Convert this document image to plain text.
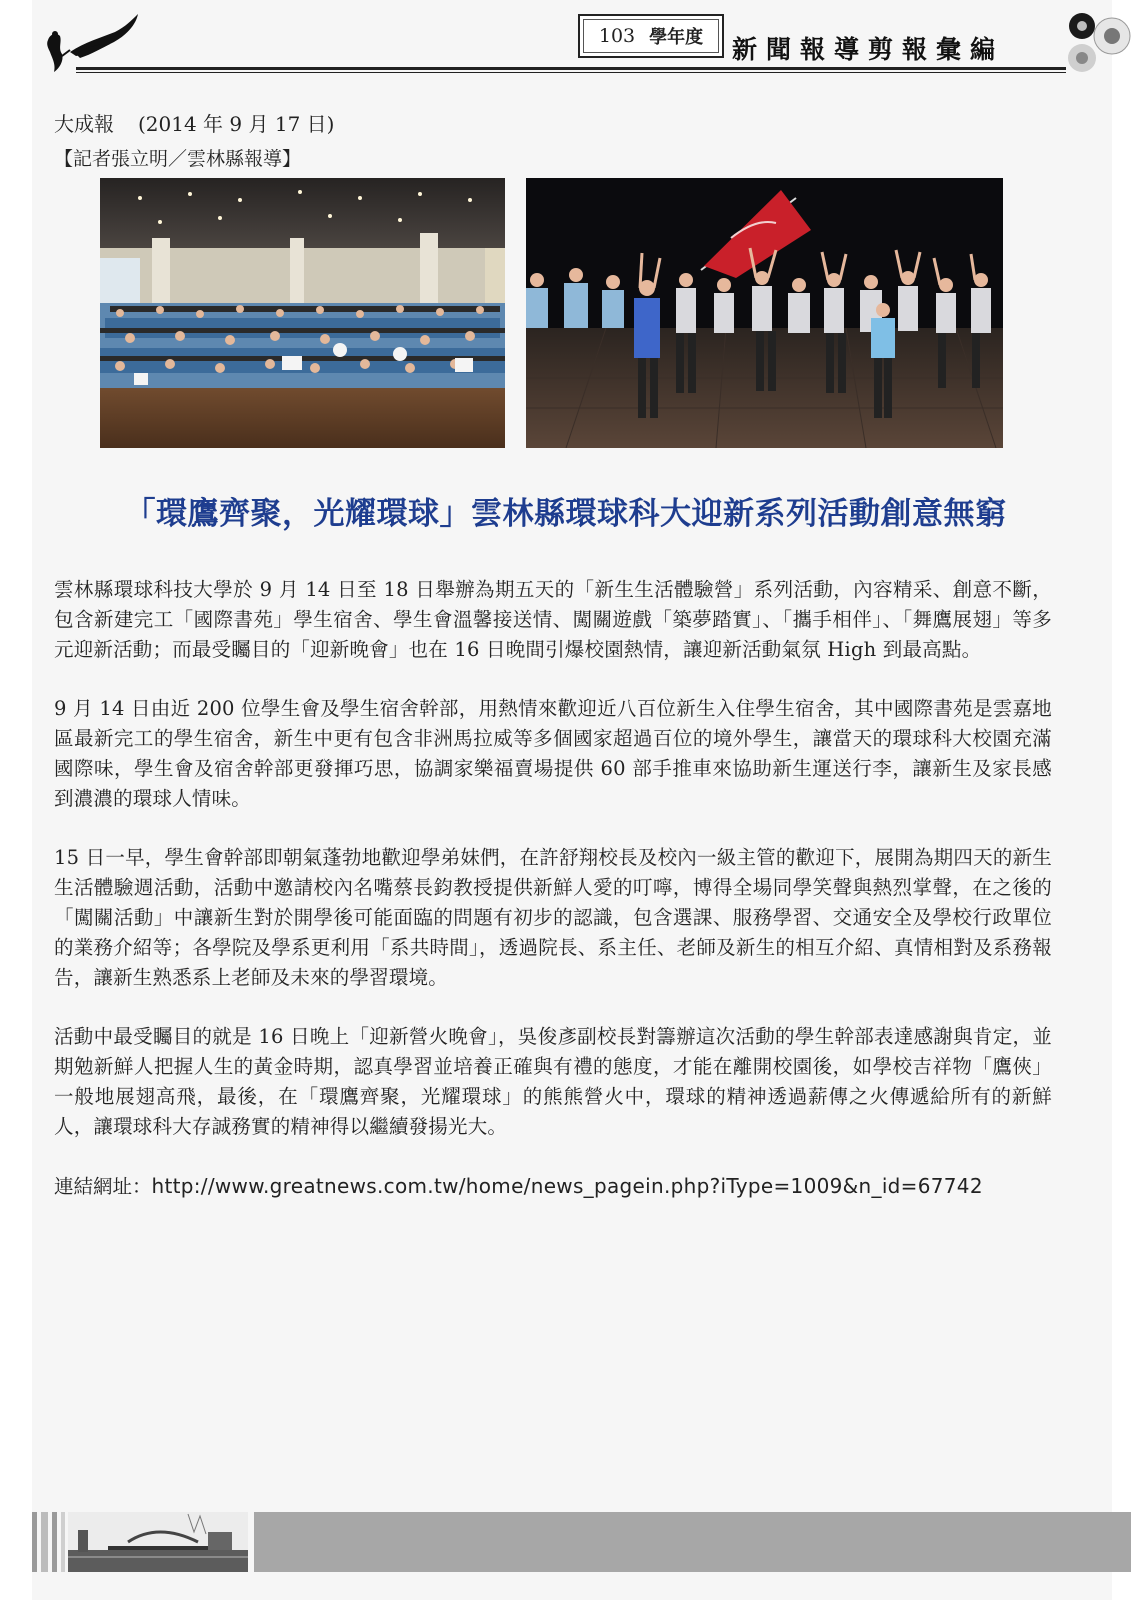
103 學年度 新聞報導剪報彙編
大成報 (2014 年 9 月 17 日)
【記者張立明／雲林縣報導】
「環鷹齊聚，光耀環球」雲林縣環球科大迎新系列活動創意無窮

雲林縣環球科技大學於 9 月 14 日至 18 日舉辦為期五天的「新生生活體驗營」系列活動，內容精采、創意不斷，包含新建完工「國際書苑」學生宿舍、學生會溫馨接送情、闖關遊戲「築夢踏實」、「攜手相伴」、「舞鷹展翅」等多元迎新活動；而最受矚目的「迎新晚會」也在 16 日晚間引爆校園熱情，讓迎新活動氣氛 High 到最高點。

9 月 14 日由近 200 位學生會及學生宿舍幹部，用熱情來歡迎近八百位新生入住學生宿舍，其中國際書苑是雲嘉地區最新完工的學生宿舍，新生中更有包含非洲馬拉威等多個國家超過百位的境外學生，讓當天的環球科大校園充滿國際味，學生會及宿舍幹部更發揮巧思，協調家樂福賣場提供 60 部手推車來協助新生運送行李，讓新生及家長感到濃濃的環球人情味。

15 日一早，學生會幹部即朝氣蓬勃地歡迎學弟妹們，在許舒翔校長及校內一級主管的歡迎下，展開為期四天的新生生活體驗週活動，活動中邀請校內名嘴蔡長鈞教授提供新鮮人愛的叮嚀，博得全場同學笑聲與熱烈掌聲，在之後的「闖關活動」中讓新生對於開學後可能面臨的問題有初步的認識，包含選課、服務學習、交通安全及學校行政單位的業務介紹等；各學院及學系更利用「系共時間」，透過院長、系主任、老師及新生的相互介紹、真情相對及系務報告，讓新生熟悉系上老師及未來的學習環境。

活動中最受矚目的就是 16 日晚上「迎新營火晚會」，吳俊彥副校長對籌辦這次活動的學生幹部表達感謝與肯定，並期勉新鮮人把握人生的黃金時期，認真學習並培養正確與有禮的態度，才能在離開校園後，如學校吉祥物「鷹俠」一般地展翅高飛，最後，在「環鷹齊聚，光耀環球」的熊熊營火中，環球的精神透過薪傳之火傳遞給所有的新鮮人，讓環球科大存誠務實的精神得以繼續發揚光大。

連結網址：http://www.greatnews.com.tw/home/news_pagein.php?iType=1009&n_id=67742
